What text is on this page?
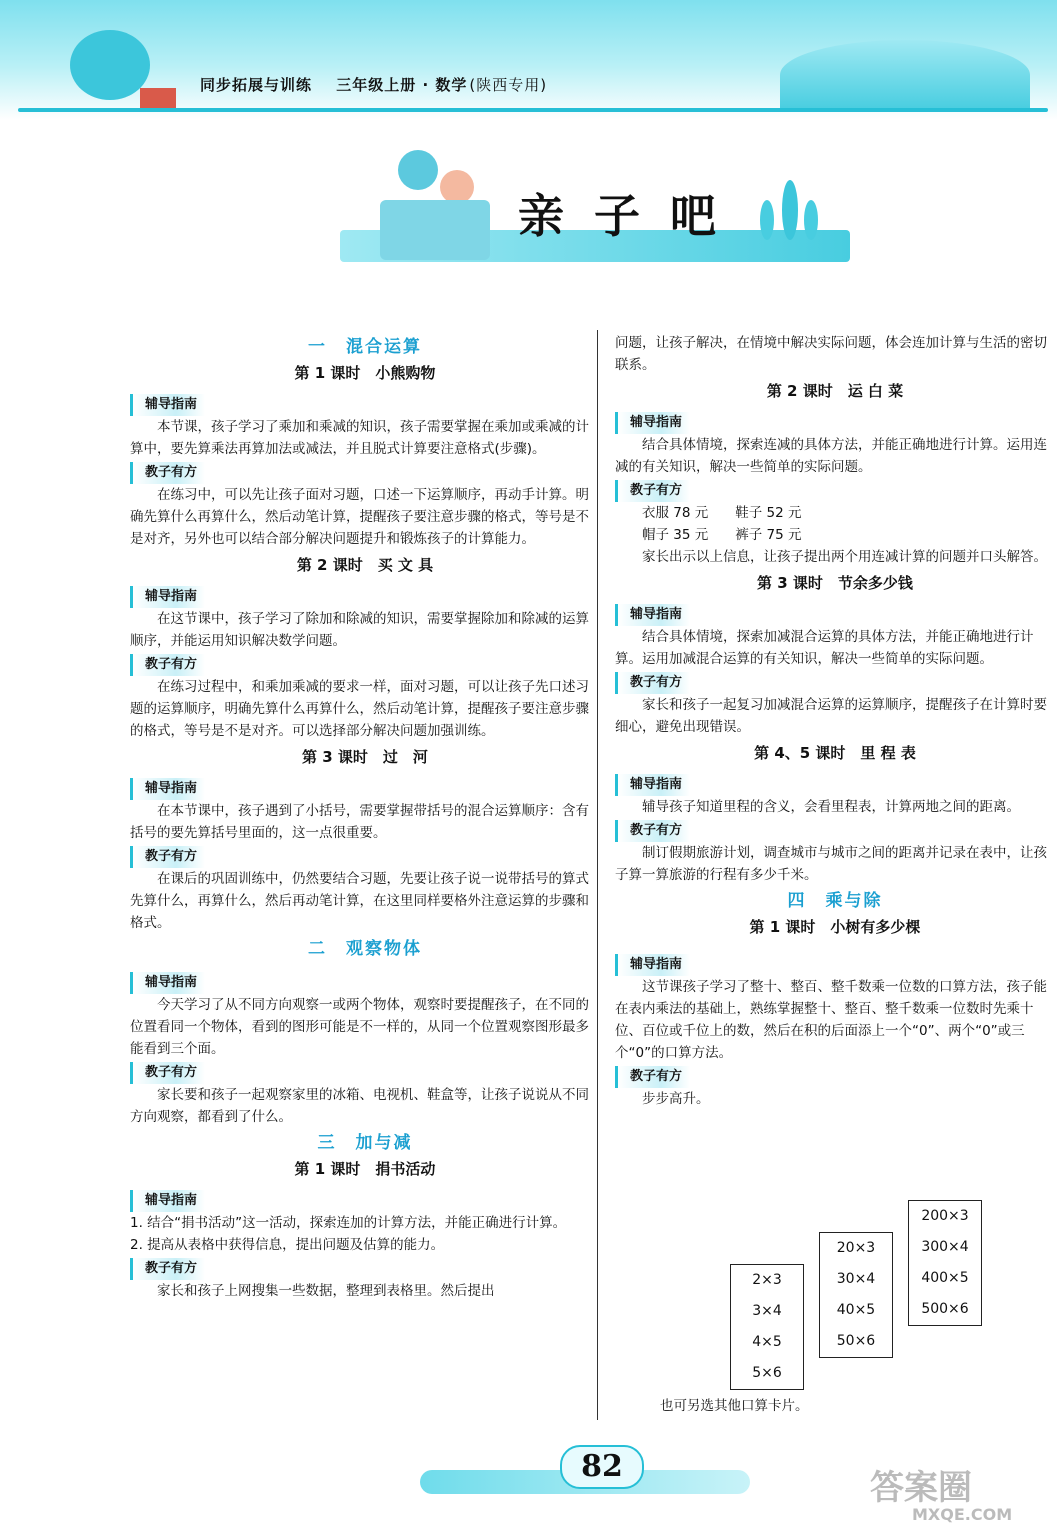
同步拓展与训练 三年级上册 · 数学 (陕西专用)
亲子吧
一　混合运算
第 1 课时　小熊购物
辅导指南

本节课，孩子学习了乘加和乘减的知识，孩子需要掌握在乘加或乘减的计算中，要先算乘法再算加法或减法，并且脱式计算要注意格式(步骤)。

教子有方

在练习中，可以先让孩子面对习题，口述一下运算顺序，再动手计算。明确先算什么再算什么，然后动笔计算，提醒孩子要注意步骤的格式，等号是不是对齐，另外也可以结合部分解决问题提升和锻炼孩子的计算能力。

第 2 课时　买 文 具
辅导指南

在这节课中，孩子学习了除加和除减的知识，需要掌握除加和除减的运算顺序，并能运用知识解决数学问题。

教子有方

在练习过程中，和乘加乘减的要求一样，面对习题，可以让孩子先口述习题的运算顺序，明确先算什么再算什么，然后动笔计算，提醒孩子要注意步骤的格式，等号是不是对齐。可以选择部分解决问题加强训练。

第 3 课时　过　河
辅导指南

在本节课中，孩子遇到了小括号，需要掌握带括号的混合运算顺序：含有括号的要先算括号里面的，这一点很重要。

教子有方

在课后的巩固训练中，仍然要结合习题，先要让孩子说一说带括号的算式先算什么，再算什么，然后再动笔计算，在这里同样要格外注意运算的步骤和格式。

二　观察物体
辅导指南

今天学习了从不同方向观察一或两个物体，观察时要提醒孩子，在不同的位置看同一个物体，看到的图形可能是不一样的，从同一个位置观察图形最多能看到三个面。

教子有方

家长要和孩子一起观察家里的冰箱、电视机、鞋盒等，让孩子说说从不同方向观察，都看到了什么。

三　加与减
第 1 课时　捐书活动
辅导指南

1. 结合“捐书活动”这一活动，探索连加的计算方法，并能正确进行计算。

2. 提高从表格中获得信息，提出问题及估算的能力。

教子有方

家长和孩子上网搜集一些数据，整理到表格里。然后提出

问题，让孩子解决，在情境中解决实际问题，体会连加计算与生活的密切联系。

第 2 课时　运 白 菜
辅导指南

结合具体情境，探索连减的具体方法，并能正确地进行计算。运用连减的有关知识，解决一些简单的实际问题。

教子有方

衣服 78 元　　鞋子 52 元

帽子 35 元　　裤子 75 元

家长出示以上信息，让孩子提出两个用连减计算的问题并口头解答。

第 3 课时　节余多少钱
辅导指南

结合具体情境，探索加减混合运算的具体方法，并能正确地进行计算。运用加减混合运算的有关知识，解决一些简单的实际问题。

教子有方

家长和孩子一起复习加减混合运算的运算顺序，提醒孩子在计算时要细心，避免出现错误。

第 4、5 课时　里 程 表
辅导指南

辅导孩子知道里程的含义，会看里程表，计算两地之间的距离。

教子有方

制订假期旅游计划，调查城市与城市之间的距离并记录在表中，让孩子算一算旅游的行程有多少千米。

四　乘与除
第 1 课时　小树有多少棵
辅导指南

这节课孩子学习了整十、整百、整千数乘一位数的口算方法，孩子能在表内乘法的基础上，熟练掌握整十、整百、整千数乘一位数时先乘十位、百位或千位上的数，然后在积的后面添上一个“0”、两个“0”或三个“0”的口算方法。

教子有方

步步高升。

2×3
3×4
4×5
5×6
20×3
30×4
40×5
50×6
200×3
300×4
400×5
500×6

也可另选其他口算卡片。

82
答案圈
MXQE.COM
